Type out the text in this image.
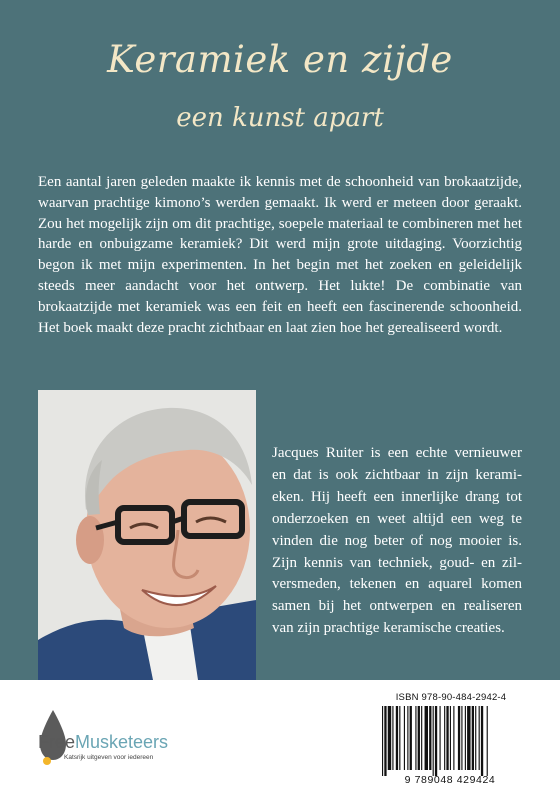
Keramiek en zijde
een kunst apart

Een aantal jaren geleden maakte ik kennis met de schoonheid van brokaatzijde, waarvan prachtige kimono’s werden gemaakt. Ik werd er meteen door geraakt. Zou het mogelijk zijn om dit prachtige, soepele materiaal te combineren met het harde en onbuigzame keramiek? Dit werd mijn grote uitdaging. Voorzichtig begon ik met mijn experimenten. In het begin met het zoeken en geleidelijk steeds meer aandacht voor het ontwerp. Het lukte! De combinatie van brokaatzijde met keramiek was een feit en heeft een fascinerende schoonheid. Het boek maakt deze pracht zichtbaar en laat zien hoe het gerealiseerd wordt.

Jacques Ruiter is een echte vernieuwer en dat is ook zichtbaar in zijn keramieken. Hij heeft een innerlijke drang tot onderzoeken en weet altijd een weg te vinden die nog beter of nog mooier is. Zijn kennis van techniek, goud- en zilversmeden, tekenen en aquarel komen samen bij het ontwerpen en realiseren van zijn prachtige keramische creaties.

FreeMusketeers
Katsrijk uitgeven voor iedereen
ISBN 978-90-484-2942-4
9 789048 429424
